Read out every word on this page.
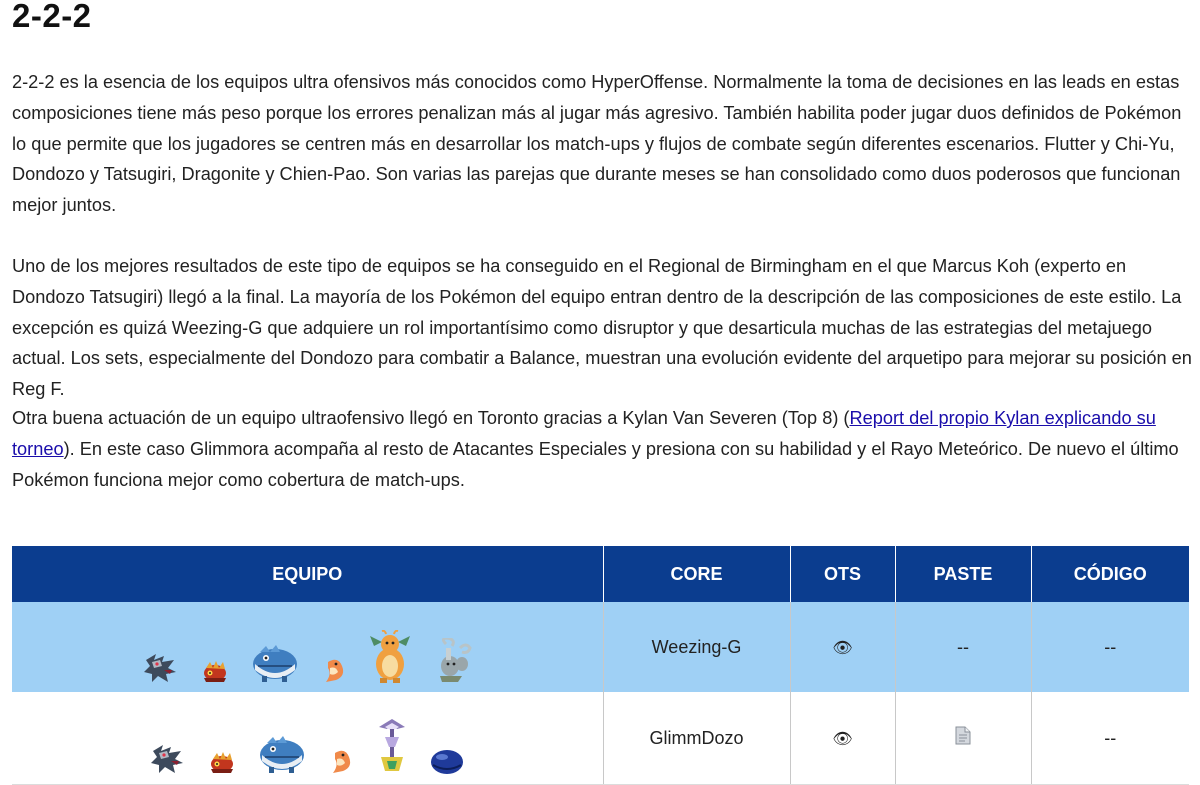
2-2-2

2-2-2 es la esencia de los equipos ultra ofensivos más conocidos como HyperOffense. Normalmente la toma de decisiones en las leads en estas composiciones tiene más peso porque los errores penalizan más al jugar más agresivo. También habilita poder jugar duos definidos de Pokémon lo que permite que los jugadores se centren más en desarrollar los match-ups y flujos de combate según diferentes escenarios. Flutter y Chi-Yu, Dondozo y Tatsugiri, Dragonite y Chien-Pao. Son varias las parejas que durante meses se han consolidado como duos poderosos que funcionan mejor juntos.

Uno de los mejores resultados de este tipo de equipos se ha conseguido en el Regional de Birmingham en el que Marcus Koh (experto en Dondozo Tatsugiri) llegó a la final. La mayoría de los Pokémon del equipo entran dentro de la descripción de las composiciones de este estilo. La excepción es quizá Weezing-G que adquiere un rol importantísimo como disruptor y que desarticula muchas de las estrategias del metajuego actual. Los sets, especialmente del Dondozo para combatir a Balance, muestran una evolución evidente del arquetipo para mejorar su posición en Reg F.

Otra buena actuación de un equipo ultraofensivo llegó en Toronto gracias a Kylan Van Severen (Top 8) (Report del propio Kylan explicando su torneo). En este caso Glimmora acompaña al resto de Atacantes Especiales y presiona con su habilidad y el Rayo Meteórico. De nuevo el último Pokémon funciona mejor como cobertura de match-ups.

EQUIPO	CORE	OTS	PASTE	CÓDIGO

	Weezing-G	👁	--	--

	GlimmDozo	👁		--
